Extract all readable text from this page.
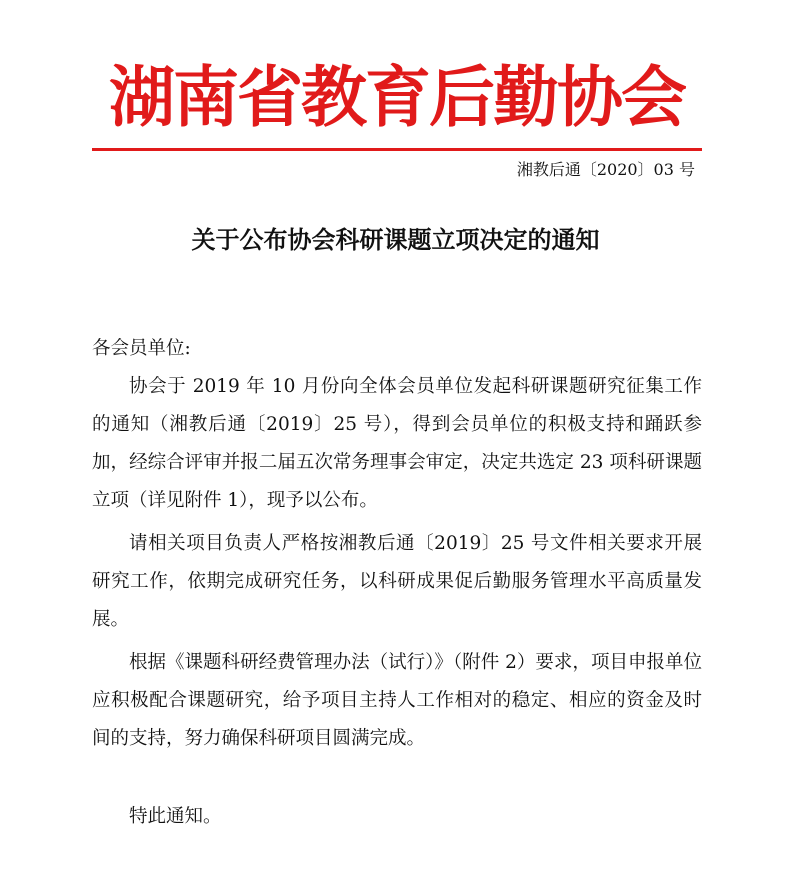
湖南省教育后勤协会
湘教后通〔2020〕03 号
关于公布协会科研课题立项决定的通知

各会员单位:

协会于 2019 年 10 月份向全体会员单位发起科研课题研究征集工作的通知（湘教后通〔2019〕25 号），得到会员单位的积极支持和踊跃参加，经综合评审并报二届五次常务理事会审定，决定共选定 23 项科研课题立项（详见附件 1），现予以公布。

请相关项目负责人严格按湘教后通〔2019〕25 号文件相关要求开展研究工作，依期完成研究任务，以科研成果促后勤服务管理水平高质量发展。

根据《课题科研经费管理办法（试行）》（附件 2）要求，项目申报单位应积极配合课题研究，给予项目主持人工作相对的稳定、相应的资金及时间的支持，努力确保科研项目圆满完成。

特此通知。
